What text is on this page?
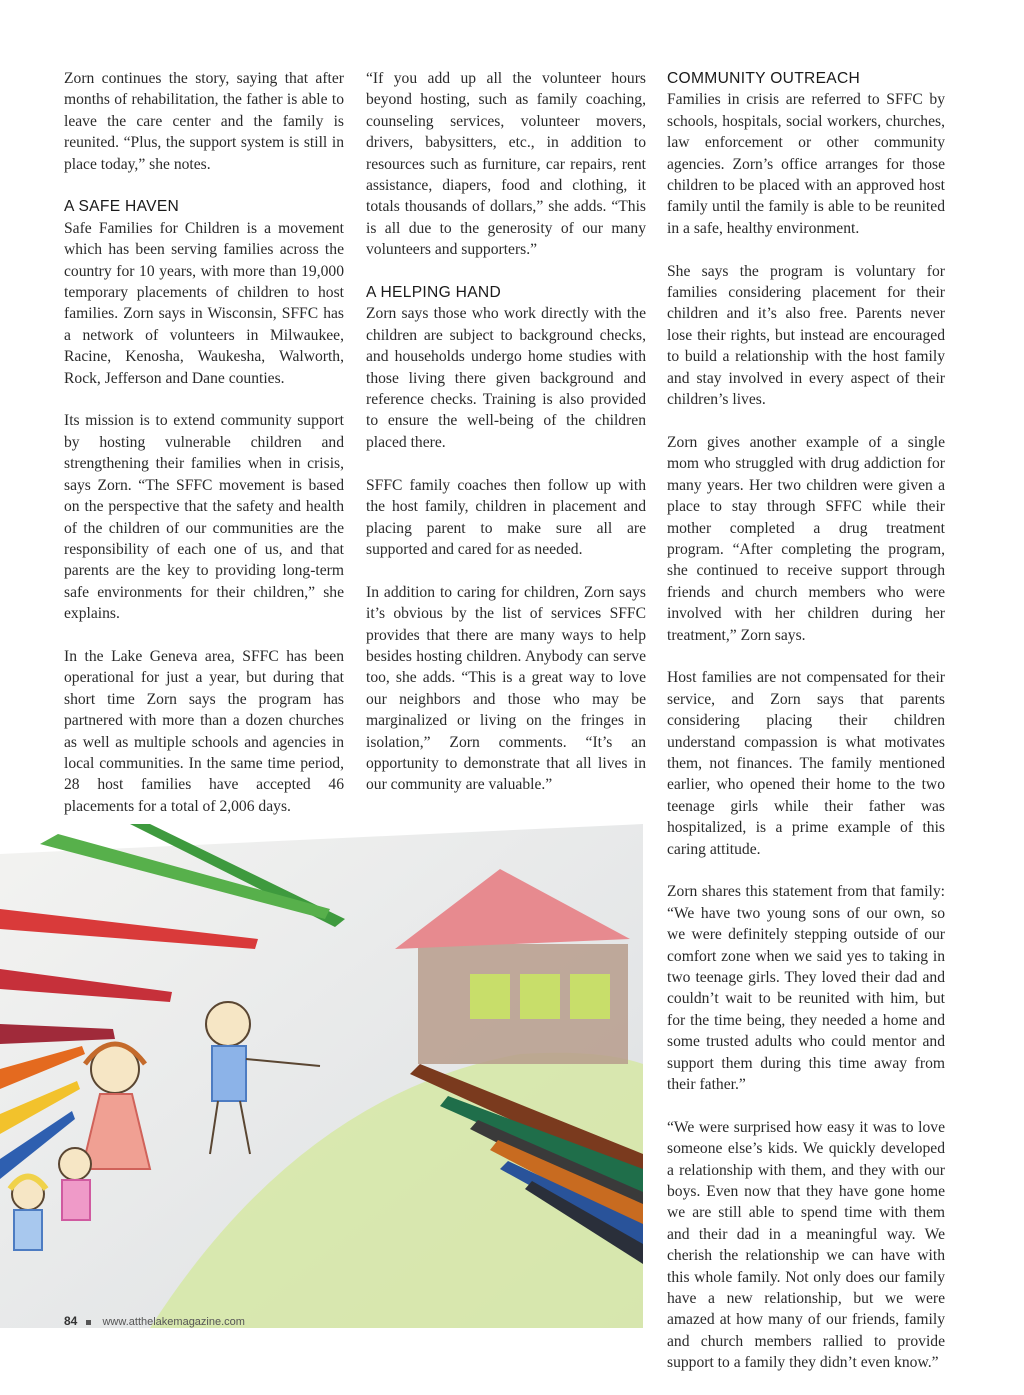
Zorn continues the story, saying that after months of rehabilitation, the father is able to leave the care center and the family is reunited. “Plus, the support system is still in place today,” she notes.

A SAFE HAVEN

Safe Families for Children is a movement which has been serving families across the country for 10 years, with more than 19,000 temporary placements of children to host families. Zorn says in Wisconsin, SFFC has a network of volunteers in Milwaukee, Racine, Kenosha, Waukesha, Walworth, Rock, Jefferson and Dane counties.

Its mission is to extend community support by hosting vulnerable children and strengthening their families when in crisis, says Zorn. “The SFFC movement is based on the perspective that the safety and health of the children of our communities are the responsibility of each one of us, and that parents are the key to providing long-term safe environments for their children,” she explains.

In the Lake Geneva area, SFFC has been operational for just a year, but during that short time Zorn says the program has partnered with more than a dozen churches as well as multiple schools and agencies in local communities. In the same time period, 28 host families have accepted 46 placements for a total of 2,006 days.

“If you add up all the volunteer hours beyond hosting, such as family coaching, counseling services, volunteer movers, drivers, babysitters, etc., in addition to resources such as furniture, car repairs, rent assistance, diapers, food and clothing, it totals thousands of dollars,” she adds. “This is all due to the generosity of our many volunteers and supporters.”

A HELPING HAND

Zorn says those who work directly with the children are subject to background checks, and households undergo home studies with those living there given background and reference checks. Training is also provided to ensure the well-being of the children placed there.

SFFC family coaches then follow up with the host family, children in placement and placing parent to make sure all are supported and cared for as needed.

In addition to caring for children, Zorn says it’s obvious by the list of services SFFC provides that there are many ways to help besides hosting children. Anybody can serve too, she adds. “This is a great way to love our neighbors and those who may be marginalized or living on the fringes in isolation,” Zorn comments. “It’s an opportunity to demonstrate that all lives in our community are valuable.”

COMMUNITY OUTREACH

Families in crisis are referred to SFFC by schools, hospitals, social workers, churches, law enforcement or other community agencies. Zorn’s office arranges for those children to be placed with an approved host family until the family is able to be reunited in a safe, healthy environment.

She says the program is voluntary for families considering placement for their children and it’s also free. Parents never lose their rights, but instead are encouraged to build a relationship with the host family and stay involved in every aspect of their children’s lives.

Zorn gives another example of a single mom who struggled with drug addiction for many years. Her two children were given a place to stay through SFFC while their mother completed a drug treatment program. “After completing the program, she continued to receive support through friends and church members who were involved with her children during her treatment,” Zorn says.

Host families are not compensated for their service, and Zorn says that parents considering placing their children understand compassion is what motivates them, not finances. The family mentioned earlier, who opened their home to the two teenage girls while their father was hospitalized, is a prime example of this caring attitude.

Zorn shares this statement from that family: “We have two young sons of our own, so we were definitely stepping outside of our comfort zone when we said yes to taking in two teenage girls. They loved their dad and couldn’t wait to be reunited with him, but for the time being, they needed a home and some trusted adults who could mentor and support them during this time away from their father.”

“We were surprised how easy it was to love someone else’s kids. We quickly developed a relationship with them, and they with our boys. Even now that they have gone home we are still able to spend time with them and their dad in a meaningful way. We cherish the relationship we can have with this whole family. Not only does our family have a new relationship, but we were amazed at how many of our friends, family and church members rallied to provide support to a family they didn’t even know.”

84 www.atthelakemagazine.com
